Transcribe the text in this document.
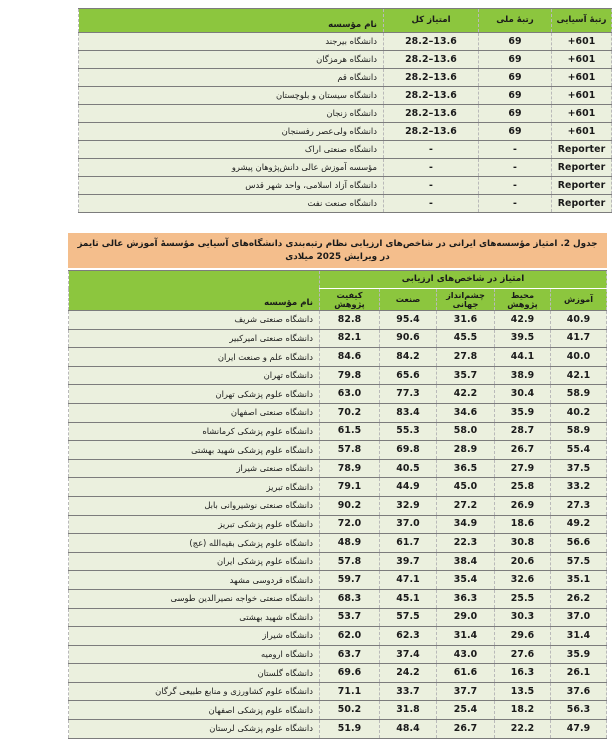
رتبهٔ آسیایی	رتبهٔ ملی	امتیاز کل	نام مؤسسه
601+	69	13.6–28.2	دانشگاه بیرجند
601+	69	13.6–28.2	دانشگاه هرمزگان
601+	69	13.6–28.2	دانشگاه قم
601+	69	13.6–28.2	دانشگاه سیستان و بلوچستان
601+	69	13.6–28.2	دانشگاه زنجان
601+	69	13.6–28.2	دانشگاه ولی‌عصر رفسنجان
Reporter	-	-	دانشگاه صنعتی اراک
Reporter	-	-	مؤسسه آموزش عالی دانش‌پژوهان پیشرو
Reporter	-	-	دانشگاه آزاد اسلامی، واحد شهر قدس
Reporter	-	-	دانشگاه صنعت نفت
جدول 2. امتیاز مؤسسه‌های ایرانی در شاخص‌های ارزیابی نظام رتبه‌بندی دانشگاه‌های آسیایی مؤسسهٔ آموزش عالی تایمز در ویرایش 2025 میلادی
امتیاز در شاخص‌های ارزیابی					نام مؤسسه
آموزش	محیط پژوهش	چشم‌انداز جهانی	صنعت	کیفیت پژوهش	
40.9	42.9	31.6	95.4	82.8	دانشگاه صنعتی شریف
41.7	39.5	45.5	90.6	82.1	دانشگاه صنعتی امیرکبیر
40.0	44.1	27.8	84.2	84.6	دانشگاه علم و صنعت ایران
42.1	38.9	35.7	65.6	79.8	دانشگاه تهران
58.9	30.4	42.2	77.3	63.0	دانشگاه علوم پزشکی تهران
40.2	35.9	34.6	83.4	70.2	دانشگاه صنعتی اصفهان
58.9	28.7	58.0	55.3	61.5	دانشگاه علوم پزشکی کرمانشاه
55.4	26.7	28.9	69.8	57.8	دانشگاه علوم پزشکی شهید بهشتی
37.5	27.9	36.5	40.5	78.9	دانشگاه صنعتی شیراز
33.2	25.8	45.0	44.9	79.1	دانشگاه تبریز
27.3	26.9	27.2	32.9	90.2	دانشگاه صنعتی نوشیروانی بابل
49.2	18.6	34.9	37.0	72.0	دانشگاه علوم پزشکی تبریز
56.6	30.8	22.3	61.7	48.9	دانشگاه علوم پزشکی بقیه‌الله (عج)
57.5	20.6	38.4	39.7	57.8	دانشگاه علوم پزشکی ایران
35.1	32.6	35.4	47.1	59.7	دانشگاه فردوسی مشهد
26.2	25.5	36.3	45.1	68.3	دانشگاه صنعتی خواجه نصیرالدین طوسی
37.0	30.3	29.0	57.5	53.7	دانشگاه شهید بهشتی
31.4	29.6	31.4	62.3	62.0	دانشگاه شیراز
35.9	27.6	43.0	37.4	63.7	دانشگاه ارومیه
26.1	16.3	61.6	24.2	69.6	دانشگاه گلستان
37.6	13.5	37.7	33.7	71.1	دانشگاه علوم کشاورزی و منابع طبیعی گرگان
56.3	18.2	25.4	31.8	50.2	دانشگاه علوم پزشکی اصفهان
47.9	22.2	26.7	48.4	51.9	دانشگاه علوم پزشکی لرستان
